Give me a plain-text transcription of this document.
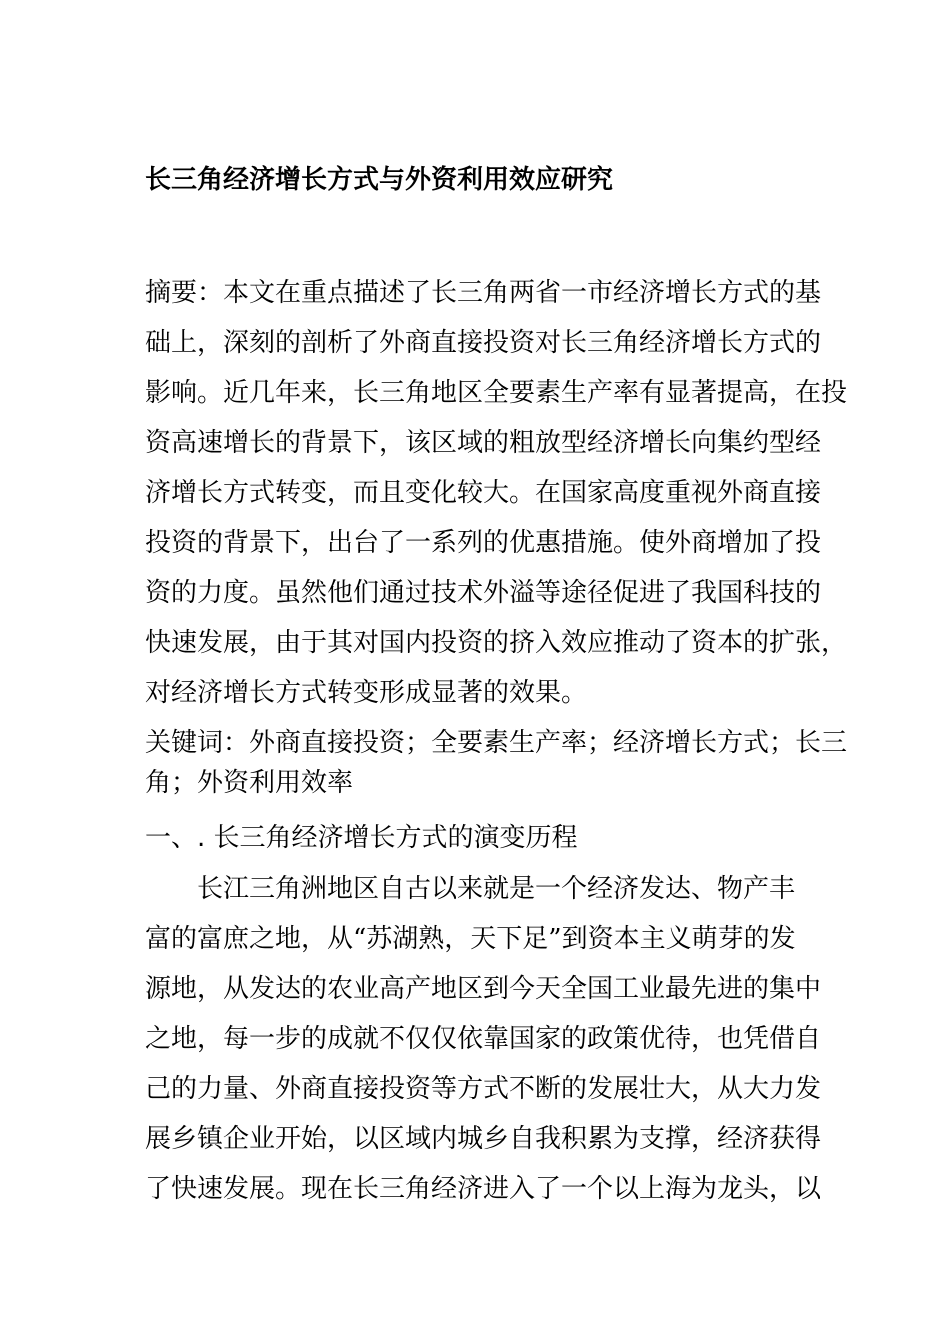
长三角经济增长方式与外资利用效应研究
摘要：本文在重点描述了长三角两省一市经济增长方式的基
础上，深刻的剖析了外商直接投资对长三角经济增长方式的
影响。近几年来，长三角地区全要素生产率有显著提高，在投
资高速增长的背景下，该区域的粗放型经济增长向集约型经
济增长方式转变，而且变化较大。在国家高度重视外商直接
投资的背景下，出台了一系列的优惠措施。使外商增加了投
资的力度。虽然他们通过技术外溢等途径促进了我国科技的
快速发展，由于其对国内投资的挤入效应推动了资本的扩张，
对经济增长方式转变形成显著的效果。
关键词：外商直接投资；全要素生产率；经济增长方式；长三
角；外资利用效率
一、. 长三角经济增长方式的演变历程
　　长江三角洲地区自古以来就是一个经济发达、物产丰
富的富庶之地，从“苏湖熟，天下足”到资本主义萌芽的发
源地，从发达的农业高产地区到今天全国工业最先进的集中
之地，每一步的成就不仅仅依靠国家的政策优待，也凭借自
己的力量、外商直接投资等方式不断的发展壮大，从大力发
展乡镇企业开始，以区域内城乡自我积累为支撑，经济获得
了快速发展。现在长三角经济进入了一个以上海为龙头，以
